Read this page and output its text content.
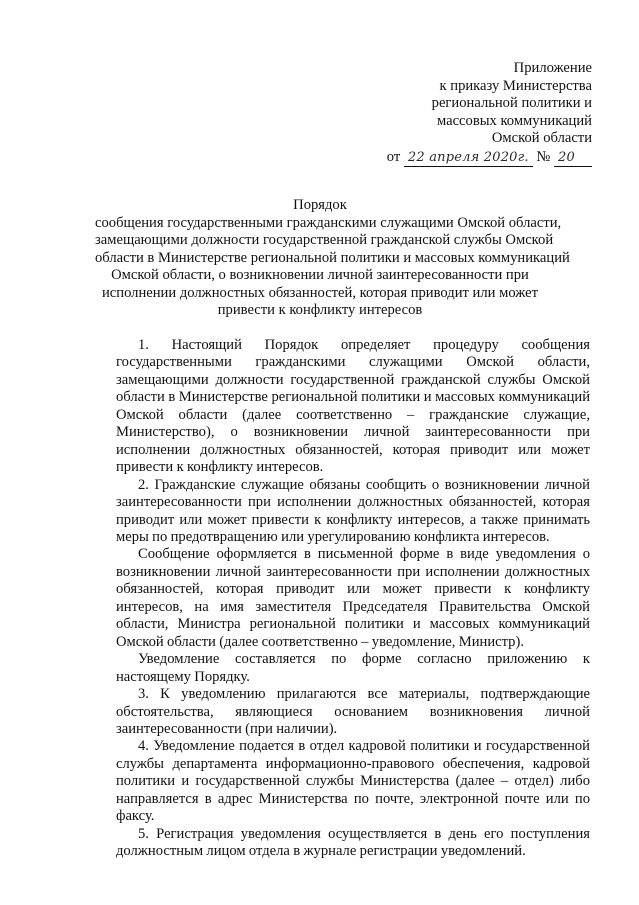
Приложение
к приказу Министерства
региональной политики и
массовых коммуникаций
Омской области
от 22 апреля 2020г. № 20
Порядок
сообщения государственными гражданскими служащими Омской области,
замещающими должности государственной гражданской службы Омской
области в Министерстве региональной политики и массовых коммуникаций
Омской области, о возникновении личной заинтересованности при
исполнении должностных обязанностей, которая приводит или может
привести к конфликту интересов

1. Настоящий Порядок определяет процедуру сообщения государственными гражданскими служащими Омской области, замещающими должности государственной гражданской службы Омской области в Министерстве региональной политики и массовых коммуникаций Омской области (далее соответственно – гражданские служащие, Министерство), о возникновении личной заинтересованности при исполнении должностных обязанностей, которая приводит или может привести к конфликту интересов.

2. Гражданские служащие обязаны сообщить о возникновении личной заинтересованности при исполнении должностных обязанностей, которая приводит или может привести к конфликту интересов, а также принимать меры по предотвращению или урегулированию конфликта интересов.

Сообщение оформляется в письменной форме в виде уведомления о возникновении личной заинтересованности при исполнении должностных обязанностей, которая приводит или может привести к конфликту интересов, на имя заместителя Председателя Правительства Омской области, Министра региональной политики и массовых коммуникаций Омской области (далее соответственно – уведомление, Министр).

Уведомление составляется по форме согласно приложению к настоящему Порядку.

3. К уведомлению прилагаются все материалы, подтверждающие обстоятельства, являющиеся основанием возникновения личной заинтересованности (при наличии).

4. Уведомление подается в отдел кадровой политики и государственной службы департамента информационно-правового обеспечения, кадровой политики и государственной службы Министерства (далее – отдел) либо направляется в адрес Министерства по почте, электронной почте или по факсу.

5. Регистрация уведомления осуществляется в день его поступления должностным лицом отдела в журнале регистрации уведомлений.
